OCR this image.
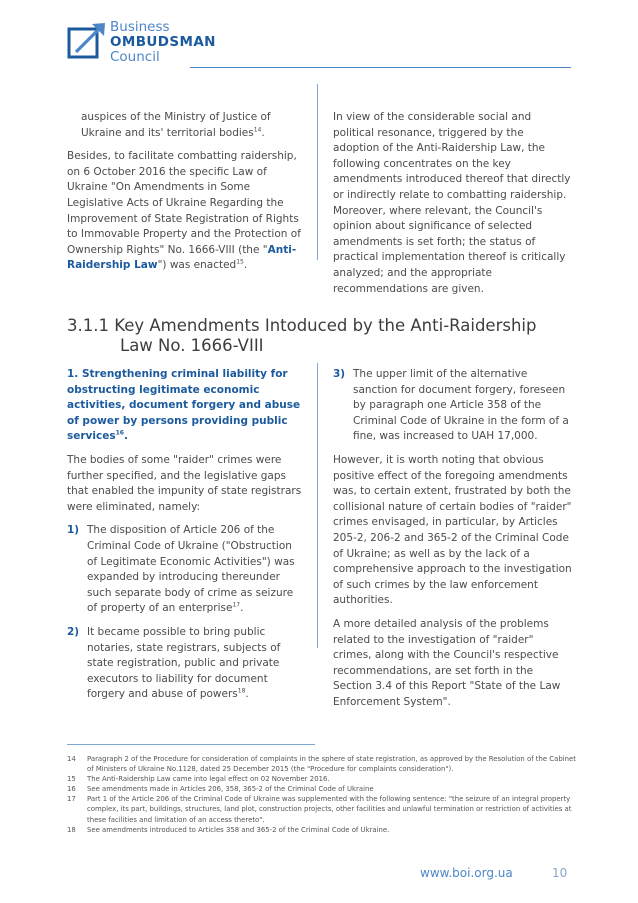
Business
OMBUDSMAN
Council

auspices of the Ministry of Justice of Ukraine and its' territorial bodies$^{14}$.

Besides, to facilitate combatting raidership, on 6 October 2016 the specific Law of Ukraine "On Amendments in Some Legislative Acts of Ukraine Regarding the Improvement of State Registration of Rights to Immovable Property and the Protection of Ownership Rights" No. 1666-VIII (the "Anti-Raidership Law") was enacted$^{15}$.

In view of the considerable social and political resonance, triggered by the adoption of the Anti-Raidership Law, the following concentrates on the key amendments introduced thereof that directly or indirectly relate to combatting raidership. Moreover, where relevant, the Council's opinion about significance of selected amendments is set forth; the status of practical implementation thereof is critically analyzed; and the appropriate recommendations are given.

3.1.1 Key Amendments Intoduced by the Anti-Raidership
Law No. 1666-VIII

1. Strengthening criminal liability for obstructing legitimate economic activities, document forgery and abuse of power by persons providing public services$^{16}$.

The bodies of some "raider" crimes were further specified, and the legislative gaps that enabled the impunity of state registrars were eliminated, namely:

1) The disposition of Article 206 of the Criminal Code of Ukraine ("Obstruction of Legitimate Economic Activities") was expanded by introducing thereunder such separate body of crime as seizure of property of an enterprise$^{17}$.
2) It became possible to bring public notaries, state registrars, subjects of state registration, public and private executors to liability for document forgery and abuse of powers$^{18}$.
3) The upper limit of the alternative sanction for document forgery, foreseen by paragraph one Article 358 of the Criminal Code of Ukraine in the form of a fine, was increased to UAH 17,000.

However, it is worth noting that obvious positive effect of the foregoing amendments was, to certain extent, frustrated by both the collisional nature of certain bodies of "raider" crimes envisaged, in particular, by Articles 205-2, 206-2 and 365-2 of the Criminal Code of Ukraine; as well as by the lack of a comprehensive approach to the investigation of such crimes by the law enforcement authorities.

A more detailed analysis of the problems related to the investigation of "raider" crimes, along with the Council's respective recommendations, are set forth in the Section 3.4 of this Report "State of the Law Enforcement System".

14	Paragraph 2 of the Procedure for consideration of complaints in the sphere of state registration, as approved by the Resolution of the Cabinet of Ministers of Ukraine No.1128, dated 25 December 2015 (the "Procedure for complaints consideration").
15	The Anti-Raidership Law came into legal effect on 02 November 2016.
16	See amendments made in Articles 206, 358, 365-2 of the Criminal Code of Ukraine
17	Part 1 of the Article 206 of the Criminal Code of Ukraine was supplemented with the following sentence: "the seizure of an integral property complex, its part, buildings, structures, land plot, construction projects, other facilities and unlawful termination or restriction of activities at these facilities and limitation of an access thereto".
18	See amendments introduced to Articles 358 and 365-2 of the Criminal Code of Ukraine.
www.boi.org.ua	10
